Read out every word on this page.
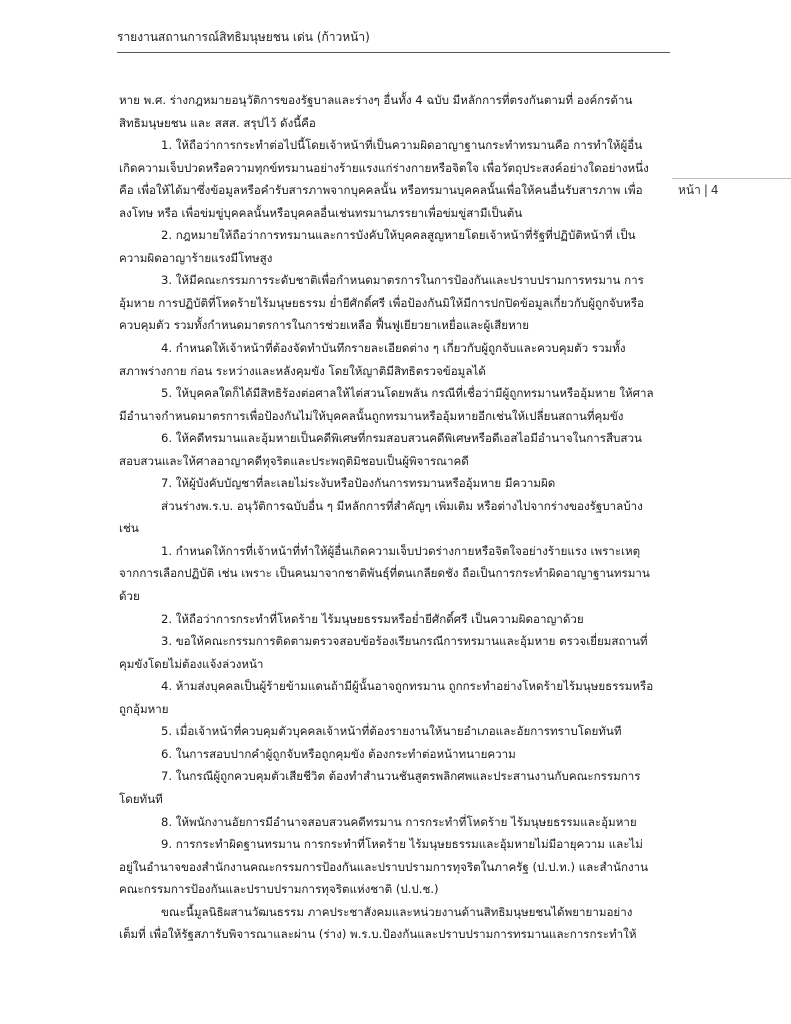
รายงานสถานการณ์สิทธิมนุษยชน เด่น (ก้าวหน้า)
หน้า | 4
หาย พ.ศ. ร่างกฎหมายอนุวัติการของรัฐบาลและร่างๆ อื่นทั้ง 4 ฉบับ มีหลักการที่ตรงกันตามที่ องค์กรด้าน
สิทธิมนุษยชน และ สสส. สรุปไว้ ดังนี้คือ
1. ให้ถือว่าการกระทำต่อไปนี้โดยเจ้าหน้าที่เป็นความผิดอาญาฐานกระทำทรมานคือ การทำให้ผู้อื่น
เกิดความเจ็บปวดหรือความทุกข์ทรมานอย่างร้ายแรงแก่ร่างกายหรือจิตใจ เพื่อวัตถุประสงค์อย่างใดอย่างหนึ่ง
คือ เพื่อให้ได้มาซึ่งข้อมูลหรือคำรับสารภาพจากบุคคลนั้น หรือทรมานบุคคลนั้นเพื่อให้คนอื่นรับสารภาพ เพื่อ
ลงโทษ หรือ เพื่อข่มขู่บุคคลนั้นหรือบุคคลอื่นเช่นทรมานภรรยาเพื่อข่มขู่สามีเป็นต้น
2. กฎหมายให้ถือว่าการทรมานและการบังคับให้บุคคลสูญหายโดยเจ้าหน้าที่รัฐที่ปฏิบัติหน้าที่ เป็น
ความผิดอาญาร้ายแรงมีโทษสูง
3. ให้มีคณะกรรมการระดับชาติเพื่อกำหนดมาตรการในการป้องกันและปราบปรามการทรมาน การ
อุ้มหาย การปฏิบัติที่โหดร้ายไร้มนุษยธรรม ย่ำยีศักดิ์ศรี เพื่อป้องกันมิให้มีการปกปิดข้อมูลเกี่ยวกับผู้ถูกจับหรือ
ควบคุมตัว รวมทั้งกำหนดมาตรการในการช่วยเหลือ ฟื้นฟูเยียวยาเหยื่อและผู้เสียหาย
4. กำหนดให้เจ้าหน้าที่ต้องจัดทำบันทึกรายละเอียดต่าง ๆ เกี่ยวกับผู้ถูกจับและควบคุมตัว รวมทั้ง
สภาพร่างกาย ก่อน ระหว่างและหลังคุมขัง โดยให้ญาติมีสิทธิตรวจข้อมูลได้
5. ให้บุคคลใดก็ได้มีสิทธิร้องต่อศาลให้ไต่สวนโดยพลัน กรณีที่เชื่อว่ามีผู้ถูกทรมานหรืออุ้มหาย ให้ศาล
มีอำนาจกำหนดมาตรการเพื่อป้องกันไม่ให้บุคคลนั้นถูกทรมานหรืออุ้มหายอีกเช่นให้เปลี่ยนสถานที่คุมขัง
6. ให้คดีทรมานและอุ้มหายเป็นคดีพิเศษที่กรมสอบสวนคดีพิเศษหรือดีเอสไอมีอำนาจในการสืบสวน
สอบสวนและให้ศาลอาญาคดีทุจริตและประพฤติมิชอบเป็นผู้พิจารณาคดี
7. ให้ผู้บังคับบัญชาที่ละเลยไม่ระงับหรือป้องกันการทรมานหรืออุ้มหาย มีความผิด
ส่วนร่างพ.ร.บ. อนุวัติการฉบับอื่น ๆ มีหลักการที่สำคัญๆ เพิ่มเติม หรือต่างไปจากร่างของรัฐบาลบ้าง
เช่น
1. กำหนดให้การที่เจ้าหน้าที่ทำให้ผู้อื่นเกิดความเจ็บปวดร่างกายหรือจิตใจอย่างร้ายแรง เพราะเหตุ
จากการเลือกปฏิบัติ เช่น เพราะ เป็นคนมาจากชาติพันธุ์ที่ตนเกลียดชัง ถือเป็นการกระทำผิดอาญาฐานทรมาน
ด้วย
2. ให้ถือว่าการกระทำที่โหดร้าย ไร้มนุษยธรรมหรือย่ำยีศักดิ์ศรี เป็นความผิดอาญาด้วย
3. ขอให้คณะกรรมการติดตามตรวจสอบข้อร้องเรียนกรณีการทรมานและอุ้มหาย ตรวจเยี่ยมสถานที่
คุมขังโดยไม่ต้องแจ้งล่วงหน้า
4. ห้ามส่งบุคคลเป็นผู้ร้ายข้ามแดนถ้ามีผู้นั้นอาจถูกทรมาน ถูกกระทำอย่างโหดร้ายไร้มนุษยธรรมหรือ
ถูกอุ้มหาย
5. เมื่อเจ้าหน้าที่ควบคุมตัวบุคคลเจ้าหน้าที่ต้องรายงานให้นายอำเภอและอัยการทราบโดยทันที
6. ในการสอบปากคำผู้ถูกจับหรือถูกคุมขัง ต้องกระทำต่อหน้าทนายความ
7. ในกรณีผู้ถูกควบคุมตัวเสียชีวิต ต้องทำสำนวนชันสูตรพลิกศพและประสานงานกับคณะกรรมการ
โดยทันที
8. ให้พนักงานอัยการมีอำนาจสอบสวนคดีทรมาน การกระทำที่โหดร้าย ไร้มนุษยธรรมและอุ้มหาย
9. การกระทำผิดฐานทรมาน การกระทำที่โหดร้าย ไร้มนุษยธรรมและอุ้มหายไม่มีอายุความ และไม่
อยู่ในอำนาจของสำนักงานคณะกรรมการป้องกันและปราบปรามการทุจริตในภาครัฐ (ป.ป.ท.) และสำนักงาน
คณะกรรมการป้องกันและปราบปรามการทุจริตแห่งชาติ (ป.ป.ช.)
ขณะนี้มูลนิธิผสานวัฒนธรรม ภาคประชาสังคมและหน่วยงานด้านสิทธิมนุษยชนได้พยายามอย่าง
เต็มที่ เพื่อให้รัฐสภารับพิจารณาและผ่าน (ร่าง) พ.ร.บ.ป้องกันและปราบปรามการทรมานและการกระทำให้
